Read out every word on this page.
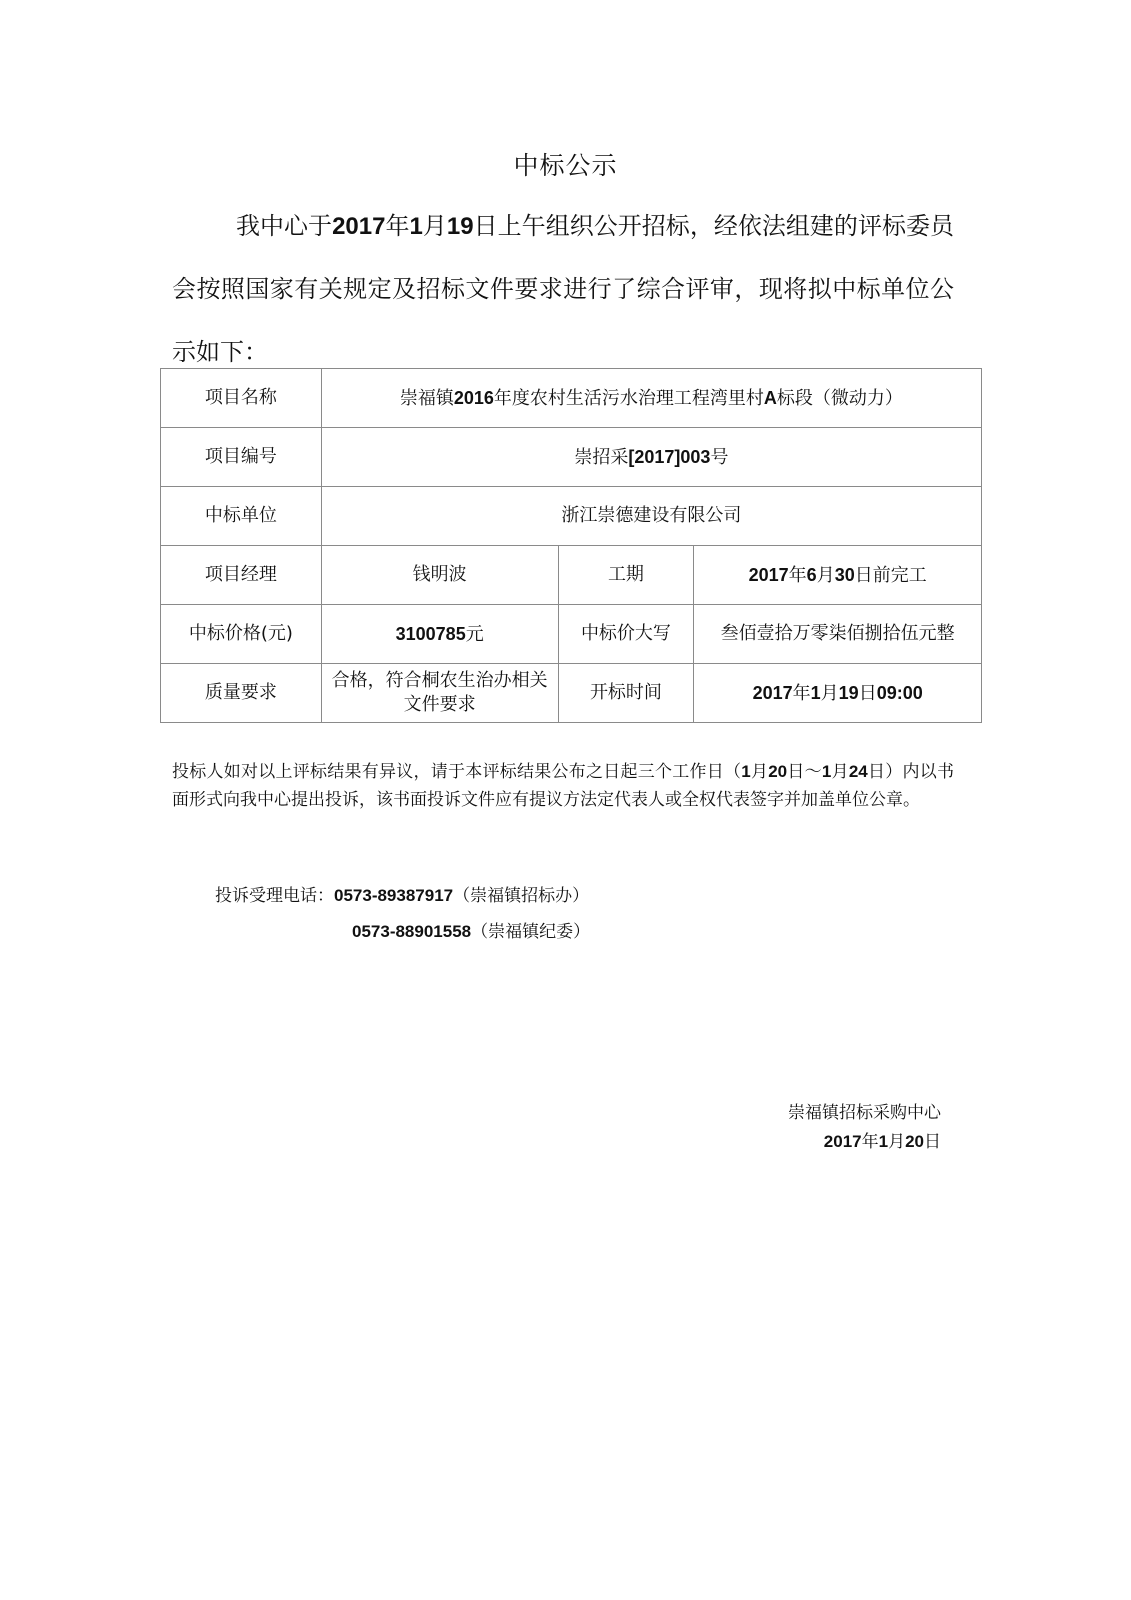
中标公示

我中心于2017年1月19日上午组织公开招标，经依法组建的评标委员会按照国家有关规定及招标文件要求进行了综合评审，现将拟中标单位公示如下：

项目名称	崇福镇2016年度农村生活污水治理工程湾里村A标段（微动力）		
项目编号	崇招采[2017]003号		
中标单位	浙江崇德建设有限公司		
项目经理	钱明波	工期	2017年6月30日前完工
中标价格(元)	3100785元	中标价大写	叁佰壹拾万零柒佰捌拾伍元整
质量要求	合格，符合桐农生治办相关文件要求	开标时间	2017年1月19日09:00

投标人如对以上评标结果有异议，请于本评标结果公布之日起三个工作日（1月20日～1月24日）内以书面形式向我中心提出投诉，该书面投诉文件应有提议方法定代表人或全权代表签字并加盖单位公章。

投诉受理电话：0573-89387917（崇福镇招标办）
0573-88901558（崇福镇纪委）
崇福镇招标采购中心
2017年1月20日
